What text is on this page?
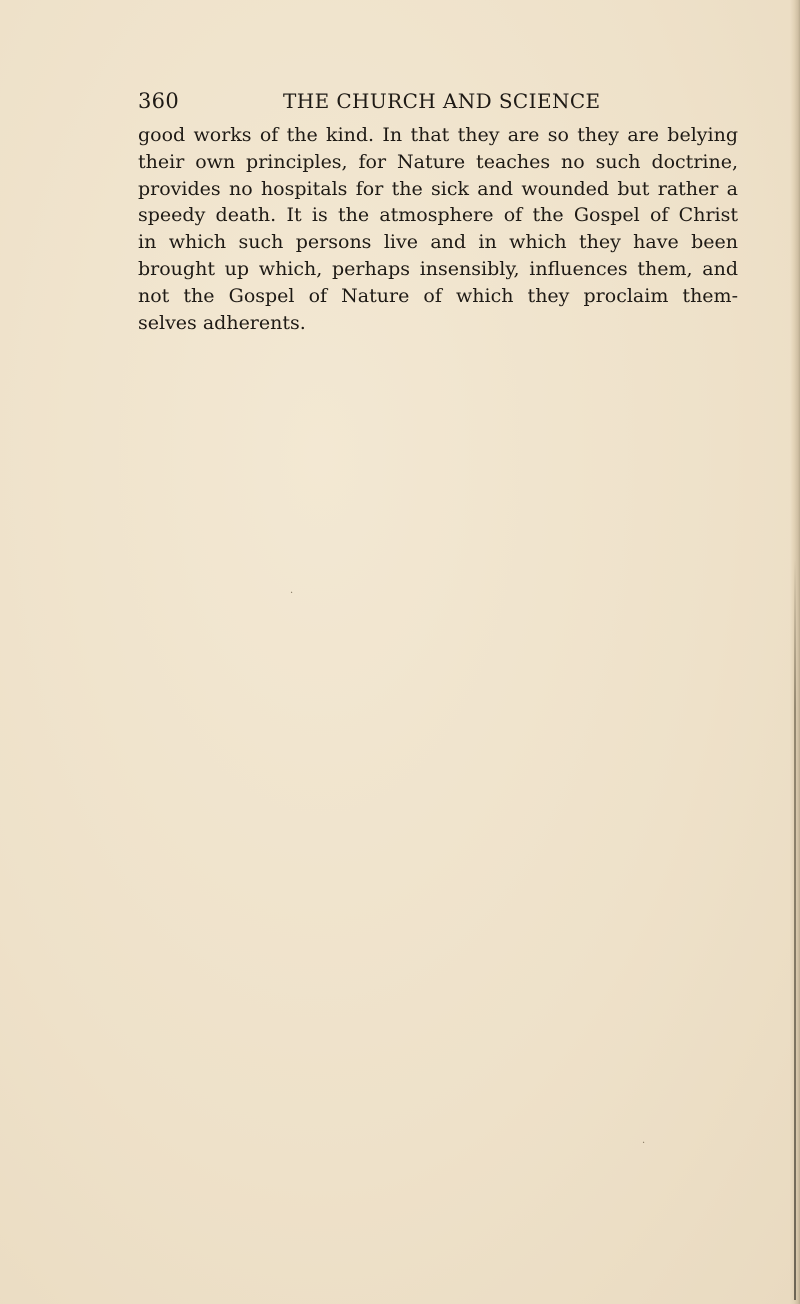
360	THE CHURCH AND SCIENCE

good works of the kind. In that they are so they are belying
their own principles, for Nature teaches no such doctrine,
provides no hospitals for the sick and wounded but rather a
speedy death. It is the atmosphere of the Gospel of Christ
in which such persons live and in which they have been
brought up which, perhaps insensibly, influences them, and
not the Gospel of Nature of which they proclaim them-
selves adherents.

·
·
